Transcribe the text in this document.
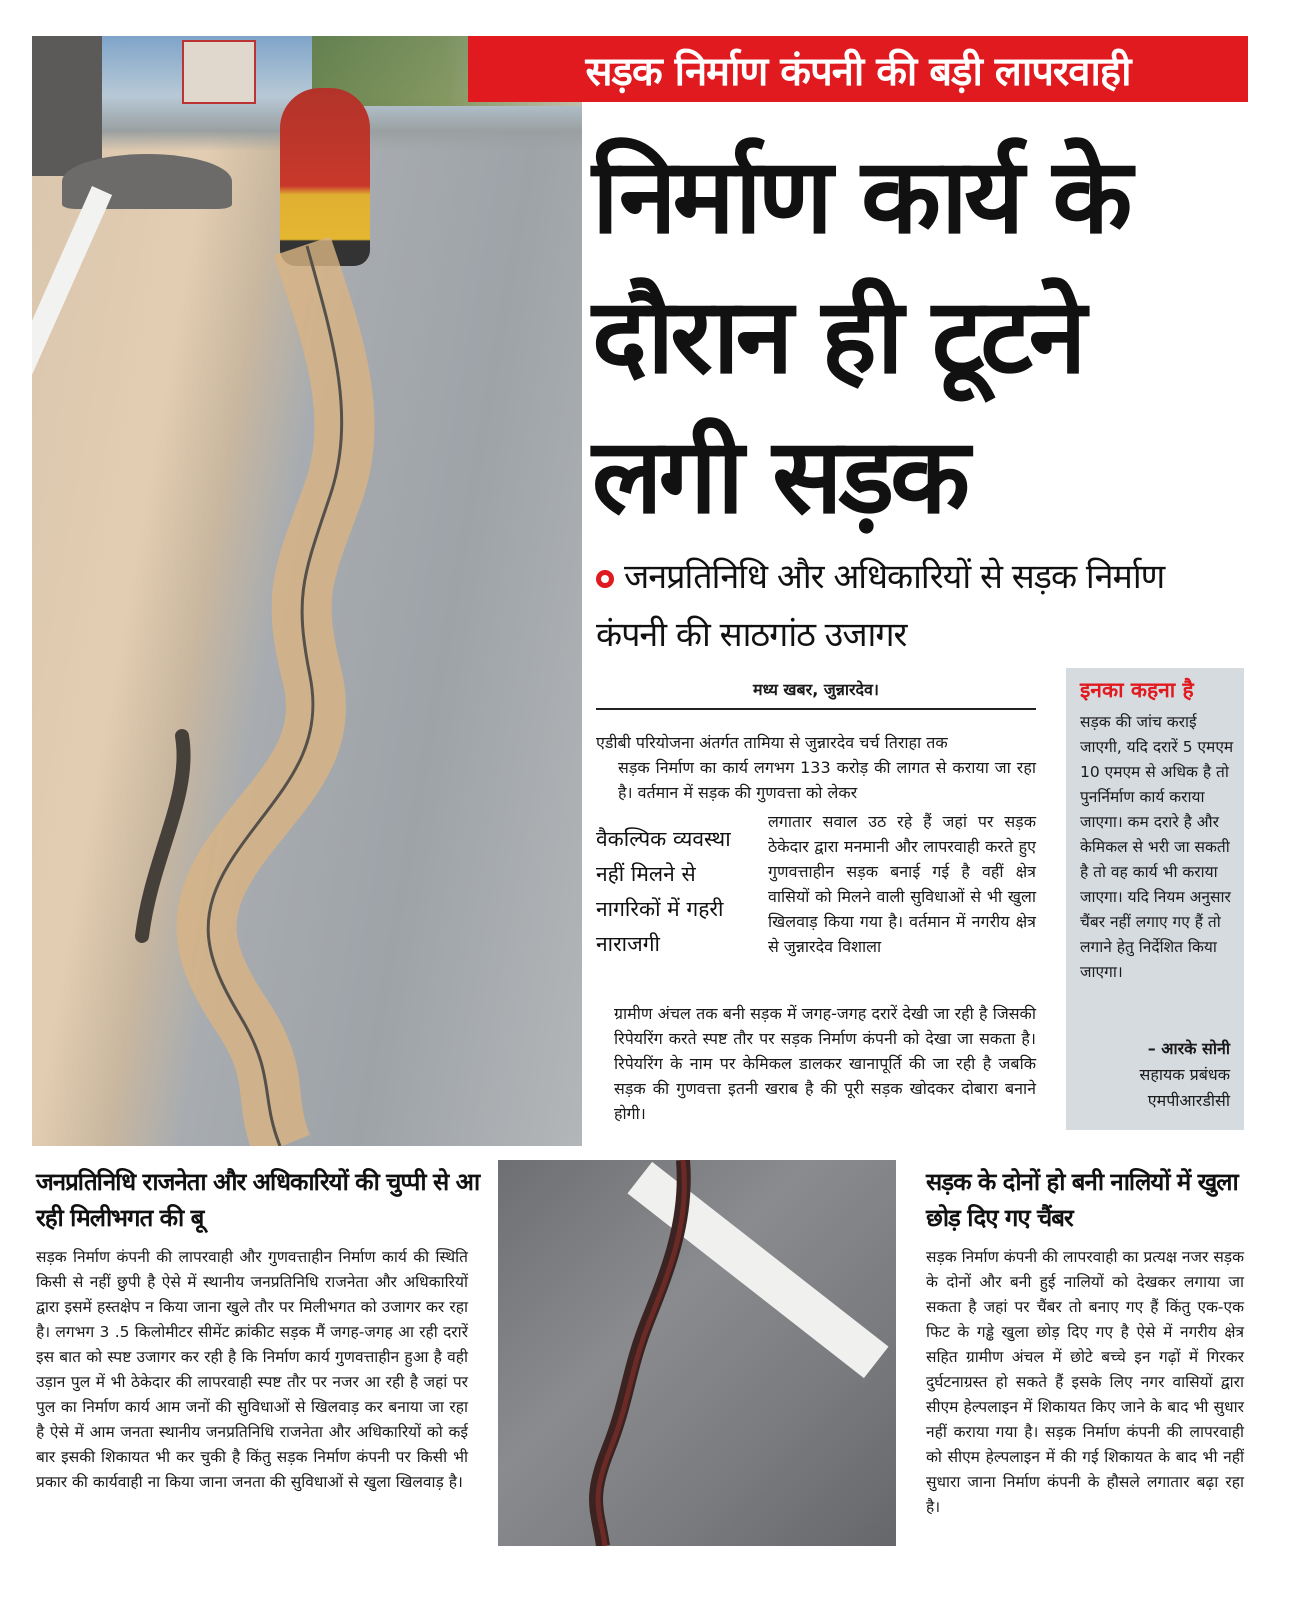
सड़क निर्माण कंपनी की बड़ी लापरवाही
निर्माण कार्य के
दौरान ही टूटने
लगी सड़क
जनप्रतिनिधि और अधिकारियों से सड़क निर्माण कंपनी की साठगांठ उजागर
मध्य खबर, जुन्नारदेव।
एडीबी परियोजना अंतर्गत तामिया से जुन्नारदेव चर्च तिराहा तक
सड़क निर्माण का कार्य लगभग 133 करोड़ की लागत से कराया जा रहा है। वर्तमान में सड़क की गुणवत्ता को लेकर
वैकल्पिक व्यवस्था नहीं मिलने से नागरिकों में गहरी नाराजगी
लगातार सवाल उठ रहे हैं जहां पर सड़क ठेकेदार द्वारा मनमानी और लापरवाही करते हुए गुणवत्ताहीन सड़क बनाई गई है वहीं क्षेत्र वासियों को मिलने वाली सुविधाओं से भी खुला खिलवाड़ किया गया है। वर्तमान में नगरीय क्षेत्र से जुन्नारदेव विशाला
ग्रामीण अंचल तक बनी सड़क में जगह-जगह दरारें देखी जा रही है जिसकी रिपेयरिंग करते स्पष्ट तौर पर सड़क निर्माण कंपनी को देखा जा सकता है। रिपेयरिंग के नाम पर केमिकल डालकर खानापूर्ति की जा रही है जबकि सड़क की गुणवत्ता इतनी खराब है की पूरी सड़क खोदकर दोबारा बनाने होगी।
इनका कहना है
सड़क की जांच कराई जाएगी, यदि दरारें 5 एमएम 10 एमएम से अधिक है तो पुनर्निर्माण कार्य कराया जाएगा। कम दरारे है और केमिकल से भरी जा सकती है तो वह कार्य भी कराया जाएगा। यदि नियम अनुसार चैंबर नहीं लगाए गए हैं तो लगाने हेतु निर्देशित किया जाएगा।
– आरके सोनी
सहायक प्रबंधक
एमपीआरडीसी
जनप्रतिनिधि राजनेता और अधिकारियों की चुप्पी से आ रही मिलीभगत की बू
सड़क निर्माण कंपनी की लापरवाही और गुणवत्ताहीन निर्माण कार्य की स्थिति किसी से नहीं छुपी है ऐसे में स्थानीय जनप्रतिनिधि राजनेता और अधिकारियों द्वारा इसमें हस्तक्षेप न किया जाना खुले तौर पर मिलीभगत को उजागर कर रहा है। लगभग 3 .5 किलोमीटर सीमेंट क्रांकीट सड़क मैं जगह-जगह आ रही दरारें इस बात को स्पष्ट उजागर कर रही है कि निर्माण कार्य गुणवत्ताहीन हुआ है वही उड़ान पुल में भी ठेकेदार की लापरवाही स्पष्ट तौर पर नजर आ रही है जहां पर पुल का निर्माण कार्य आम जनों की सुविधाओं से खिलवाड़ कर बनाया जा रहा है ऐसे में आम जनता स्थानीय जनप्रतिनिधि राजनेता और अधिकारियों को कई बार इसकी शिकायत भी कर चुकी है किंतु सड़क निर्माण कंपनी पर किसी भी प्रकार की कार्यवाही ना किया जाना जनता की सुविधाओं से खुला खिलवाड़ है।
सड़क के दोनों हो बनी नालियों में खुला छोड़ दिए गए चैंबर
सड़क निर्माण कंपनी की लापरवाही का प्रत्यक्ष नजर सड़क के दोनों और बनी हुई नालियों को देखकर लगाया जा सकता है जहां पर चैंबर तो बनाए गए हैं किंतु एक-एक फिट के गड्ढे खुला छोड़ दिए गए है ऐसे में नगरीय क्षेत्र सहित ग्रामीण अंचल में छोटे बच्चे इन गढ़ों में गिरकर दुर्घटनाग्रस्त हो सकते हैं इसके लिए नगर वासियों द्वारा सीएम हेल्पलाइन में शिकायत किए जाने के बाद भी सुधार नहीं कराया गया है। सड़क निर्माण कंपनी की लापरवाही को सीएम हेल्पलाइन में की गई शिकायत के बाद भी नहीं सुधारा जाना निर्माण कंपनी के हौसले लगातार बढ़ा रहा है।
